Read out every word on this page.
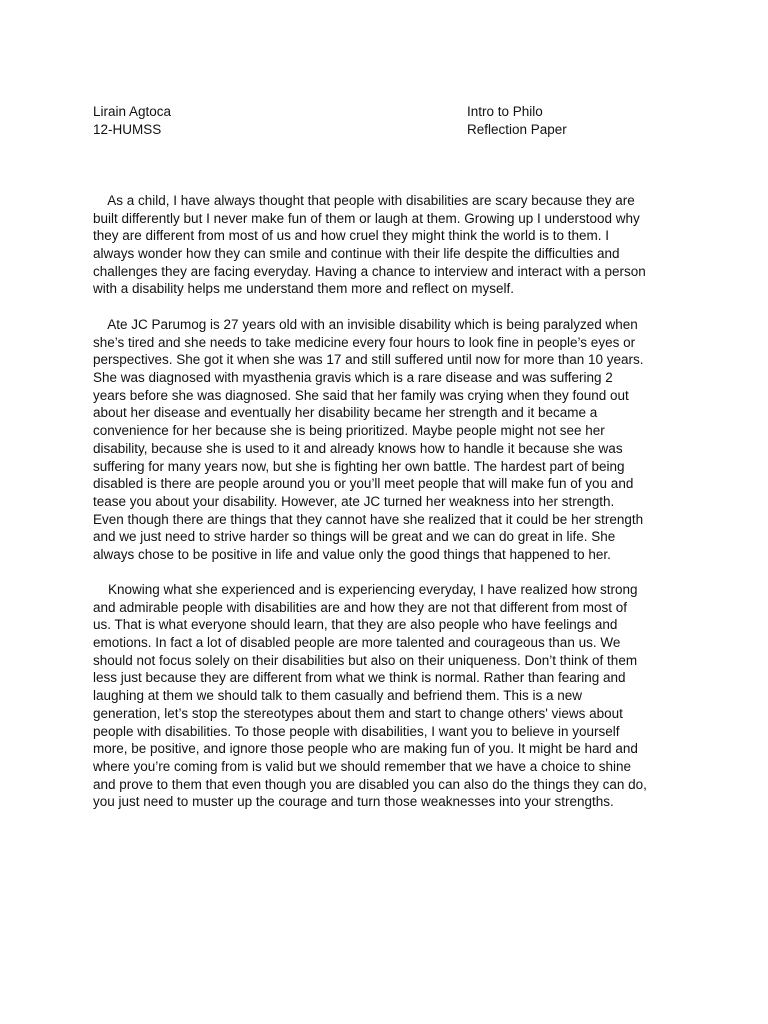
Lirain Agtoca
12-HUMSS
Intro to Philo
Reflection Paper
As a child, I have always thought that people with disabilities are scary because they are
built differently but I never make fun of them or laugh at them. Growing up I understood why
they are different from most of us and how cruel they might think the world is to them. I
always wonder how they can smile and continue with their life despite the difficulties and
challenges they are facing everyday. Having a chance to interview and interact with a person
with a disability helps me understand them more and reflect on myself.
Ate JC Parumog is 27 years old with an invisible disability which is being paralyzed when
she’s tired and she needs to take medicine every four hours to look fine in people’s eyes or
perspectives. She got it when she was 17 and still suffered until now for more than 10 years.
She was diagnosed with myasthenia gravis which is a rare disease and was suffering 2
years before she was diagnosed. She said that her family was crying when they found out
about her disease and eventually her disability became her strength and it became a
convenience for her because she is being prioritized. Maybe people might not see her
disability, because she is used to it and already knows how to handle it because she was
suffering for many years now, but she is fighting her own battle. The hardest part of being
disabled is there are people around you or you’ll meet people that will make fun of you and
tease you about your disability. However, ate JC turned her weakness into her strength.
Even though there are things that they cannot have she realized that it could be her strength
and we just need to strive harder so things will be great and we can do great in life. She
always chose to be positive in life and value only the good things that happened to her.
Knowing what she experienced and is experiencing everyday, I have realized how strong
and admirable people with disabilities are and how they are not that different from most of
us. That is what everyone should learn, that they are also people who have feelings and
emotions. In fact a lot of disabled people are more talented and courageous than us. We
should not focus solely on their disabilities but also on their uniqueness. Don’t think of them
less just because they are different from what we think is normal. Rather than fearing and
laughing at them we should talk to them casually and befriend them. This is a new
generation, let’s stop the stereotypes about them and start to change others' views about
people with disabilities. To those people with disabilities, I want you to believe in yourself
more, be positive, and ignore those people who are making fun of you. It might be hard and
where you’re coming from is valid but we should remember that we have a choice to shine
and prove to them that even though you are disabled you can also do the things they can do,
you just need to muster up the courage and turn those weaknesses into your strengths.
